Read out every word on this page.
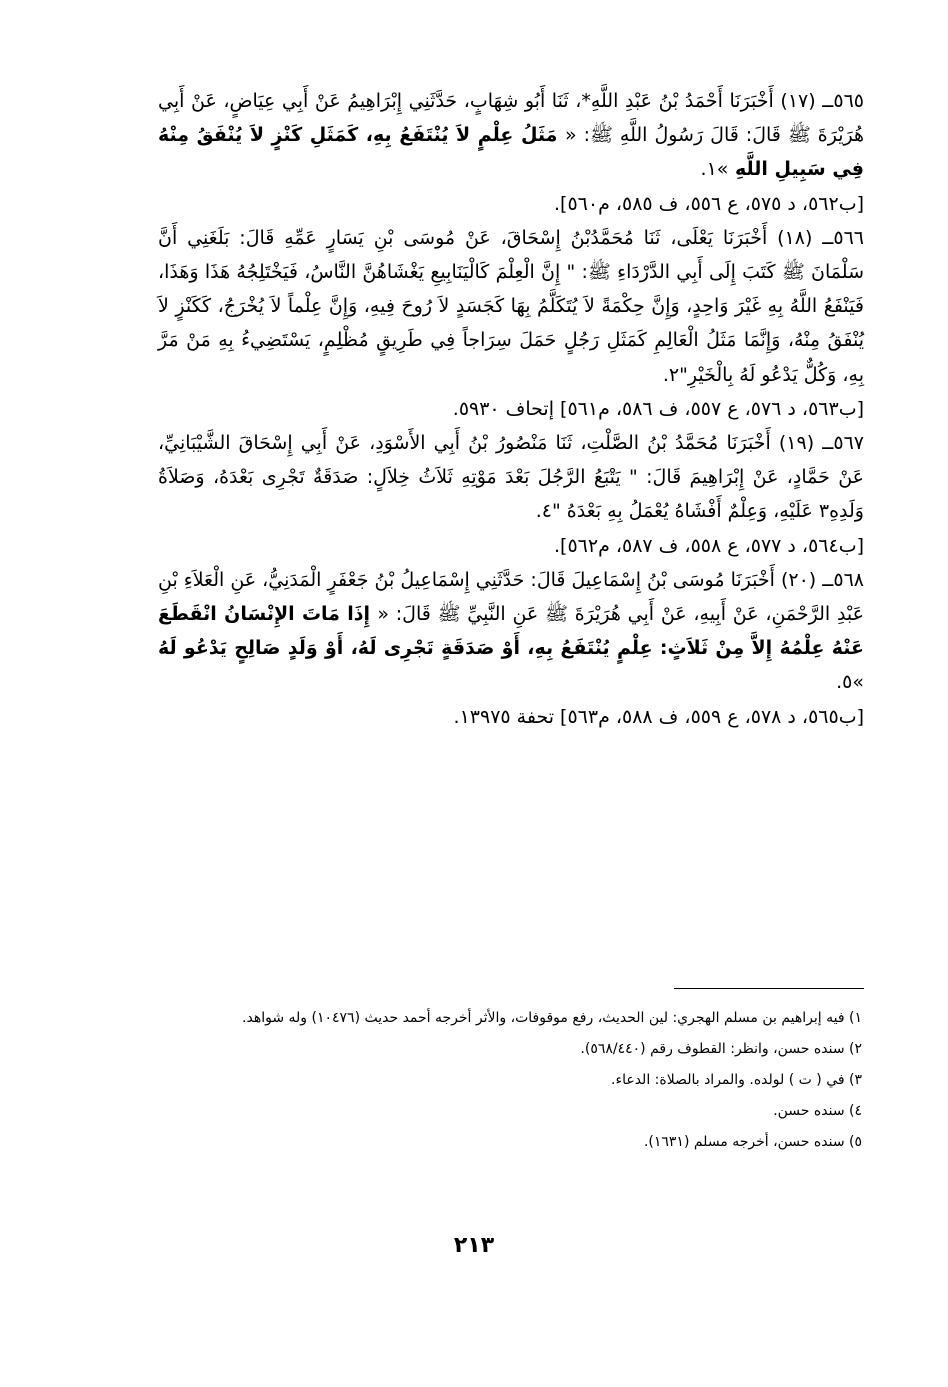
٥٦٥ــ (١٧) أَخْبَرَنَا أَحْمَدُ بْنُ عَبْدِ اللَّهِ*، ثَنَا أَبُو شِهَابٍ، حَدَّثَنِي إِبْرَاهِيمُ عَنْ أَبِي عِيَاضٍ، عَنْ أَبِي هُرَيْرَةَ ﷺ قَالَ: قَالَ رَسُولُ اللَّهِ ﷺ: « مَثَلُ عِلْمٍ لاَ يُنْتَفَعُ بِهِ، كَمَثَلِ كَنْزٍ لاَ يُنْفَقُ مِنْهُ فِي سَبِيلِ اللَّهِ »١.

[ب٥٦٢، د ٥٧٥، ع ٥٥٦، ف ٥٨٥، م٥٦٠].

٥٦٦ــ (١٨) أَخْبَرَنَا يَعْلَى، ثَنَا مُحَمَّدُبْنُ إِسْحَاقَ، عَنْ مُوسَى بْنِ يَسَارٍ عَمِّهِ قَالَ: بَلَغَنِي أَنَّ سَلْمَانَ ﷺ كَتَبَ إِلَى أَبِي الدَّرْدَاءِ ﷺ: " إِنَّ الْعِلْمَ كَالْيَنَابِيعِ يَغْشَاهُنَّ النَّاسُ، فَيَخْتَلِجُهُ هَذَا وَهَذَا، فَيَنْفَعُ اللَّهُ بِهِ غَيْرَ وَاحِدٍ، وَإِنَّ حِكْمَةً لاَ يُتَكَلَّمُ بِهَا كَجَسَدٍ لاَ رُوحَ فِيهِ، وَإِنَّ عِلْماً لاَ يُخْرَجُ، كَكَنْزٍ لاَ يُنْفَقُ مِنْهُ، وَإِنَّمَا مَثَلُ الْعَالِمِ كَمَثَلِ رَجُلٍ حَمَلَ سِرَاجاً فِي طَرِيقٍ مُظْلِمٍ، يَسْتَضِيءُ بِهِ مَنْ مَرَّ بِهِ، وَكُلٌّ يَدْعُو لَهُ بِالْخَيْرِ"٢.

[ب٥٦٣، د ٥٧٦، ع ٥٥٧، ف ٥٨٦، م٥٦١] إتحاف ٥٩٣٠.

٥٦٧ــ (١٩) أَخْبَرَنَا مُحَمَّدُ بْنُ الصَّلْتِ، ثَنَا مَنْصُورُ بْنُ أَبِي الأَسْوَدِ، عَنْ أَبِي إِسْحَاقَ الشَّيْبَانِيِّ، عَنْ حَمَّادٍ، عَنْ إِبْرَاهِيمَ قَالَ: " يَتْبَعُ الرَّجُلَ بَعْدَ مَوْتِهِ ثَلاَثُ خِلاَلٍ: صَدَقَةٌ تَجْرِى بَعْدَهُ، وَصَلاَةُ وَلَدِهِ٣ عَلَيْهِ، وَعِلْمٌ أَفْشَاهُ يُعْمَلُ بِهِ بَعْدَهُ "٤.

[ب٥٦٤، د ٥٧٧، ع ٥٥٨، ف ٥٨٧، م٥٦٢].

٥٦٨ــ (٢٠) أَخْبَرَنَا مُوسَى بْنُ إِسْمَاعِيلَ قَالَ: حَدَّثَنِي إِسْمَاعِيلُ بْنُ جَعْفَرٍ الْمَدَنِيُّ، عَنِ الْعَلاَءِ بْنِ عَبْدِ الرَّحْمَنِ، عَنْ أَبِيهِ، عَنْ أَبِي هُرَيْرَةَ ﷺ عَنِ النَّبِيِّ ﷺ قَالَ: « إِذَا مَاتَ الإِنْسَانُ انْقَطَعَ عَنْهُ عِلْمُهُ إِلاَّ مِنْ ثَلاَثٍ: عِلْمٍ يُنْتَفَعُ بِهِ، أَوْ صَدَقَةٍ تَجْرِى لَهُ، أَوْ وَلَدٍ صَالِحٍ يَدْعُو لَهُ »٥.

[ب٥٦٥، د ٥٧٨، ع ٥٥٩، ف ٥٨٨، م٥٦٣] تحفة ١٣٩٧٥.

١) فيه إبراهيم بن مسلم الهجري: لين الحديث، رفع موقوفات، والأثر أخرجه أحمد حديث (١٠٤٧٦) وله شواهد.

٢) سنده حسن، وانظر: القطوف رقم (٥٦٨/٤٤٠).

٣) في ( ت ) لولده. والمراد بالصلاة: الدعاء.

٤) سنده حسن.

٥) سنده حسن، أخرجه مسلم (١٦٣١).

٢١٣
